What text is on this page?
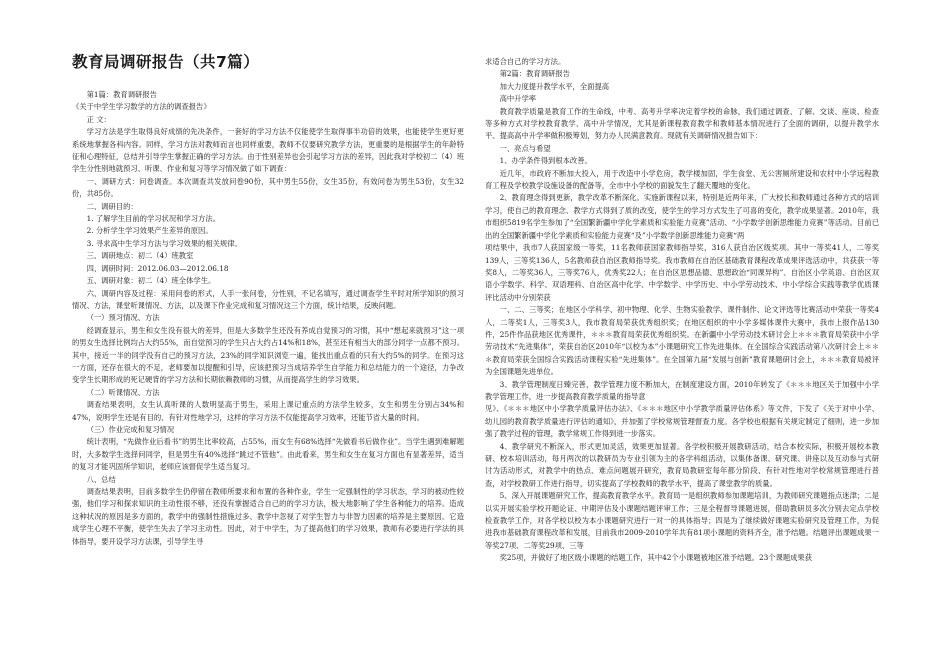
教育局调研报告（共7篇）

第1篇：教育调研报告

《关于中学生学习数学的方法的调查报告》

正 文：

学习方法是学生取得良好成绩的先决条件，一套好的学习方法不仅能使学生取得事半功倍的效果，也能使学生更好更系统地掌握各科内容。同样，学习方法对教师而言也同样重要，教师不仅要研究教学方法，更重要的是根据学生的年龄特征和心理特征，总结并引导学生掌握正确的学习方法。由于性别差异也会引起学习方法的差异，因此我对学校初二（4）班学生分性别地就预习、听课、作业和复习等学习情况做了如下调查：

一、调研方式：问卷调查。本次调查共发放问卷90份，其中男生55份，女生35份，有效问卷为男生53份，女生32份，共85份。

二、调研目的：

1. 了解学生目前的学习状况和学习方法。

2. 分析学生学习效果产生差异的原因。

3. 寻求高中生学习方法与学习效果的相关规律。

三、调研地点：初二（4）班教室

四、调研时间：2012.06.03—2012.06.18

五、调研对象：初二（4）班全体学生。

六、调研内容及过程：采用问卷的形式，人手一张问卷，分性别，不记名填写，通过调查学生平时对所学知识的预习情况、方法，课堂听课情况、方法，以及课下作业完成和复习情况这三个方面，统计结果，反映问题。

（一）预习情况、方法

经调查显示，男生和女生没有很大的差异，但是大多数学生还没有养成自觉预习的习惯，其中“想起来就预习”这一项的男女生选择比例均占大约55%，而自觉预习的学生只占大约占14%和18%，甚至还有相当大的部分同学一点都不预习。其中，接近一半的同学没有自己的预习方法，23%的同学知识浏览一遍，能找出重点看的只有大约5%的同学。在预习这一方面，还存在很大的不足，老师要加以提醒和引导，应该把预习当成培养学生自学能力和总结能力的一个途径，力争改变学生长期形成的死记硬背的学习方法和长期依赖教师的习惯，从而提高学生的学习效果。

（二）听课情况、方法

调查结果表明，女生认真听课的人数明显高于男生，采用上课记重点的方法学生较多，女生和男生分别占34%和47%，说明学生还是有目的、有针对性地学习，这样的学习方法不仅能提高学习效率，还能节省大量的时间。

（三）作业完成和复习情况

统计表明，“先做作业后看书”的男生比率较高，占55%，而女生有68%选择“先做看书后做作业”。当学生遇到难解题时，大多数学生选择问同学，但是男生有40%选择“跳过不管他”。由此看来，男生和女生在复习方面也有显著差异，适当的复习才能巩固所学知识，老师应该督促学生适当复习。

八、总结

调查结果表明，目前多数学生仍停留在教师所要求和布置的各种作业，学生一定强制性的学习状态，学习的被动性较强，他们学习和探求知识的主动性很不够，还没有掌握适合自己的的学习方法，极大地影响了学生各种能力的培养。造成这种状况的原因是多方面的，教学中的强制性措施过多、教学中忽视了对学生智力与非智力因素的培养是主要原因。它造成学生心理不平衡，使学生失去了学习主动性。因此，对于中学生，为了提高他们的学习效果，教师有必要进行学法的具体指导，要开设学习方法课，引导学生寻

求适合自己的学习方法。

第2篇：教育调研报告

加大力度提升教学水平，全面提高

高中升学率

教育教学质量是教育工作的生命线，中考、高考升学率决定着学校的命脉，我们通过调查、了解、交谈、座谈、检查等多种方式对学校教育教学、高中升学情况，尤其是新课程教育教学和教师基本情况进行了全面的调研，以提升教学水平、提高高中升学率做积极筹划，努力办人民满意教育。现就有关调研情况报告如下：

一、亮点与希望

1、办学条件得到根本改善。

近几年，市政府不断加大投入，用于改造中小学危房，教学楼加固，学生食堂、无公害厕所建设和农村中小学远程教育工程及学校教学设施设备的配备等，全市中小学校的面貌发生了翻天覆地的变化。

2、教育理念得到更新，教学改革不断深化。实施新课程以来，特别是近两年来，广大校长和教师通过各种方式的培训学习，使自己的教育理念、教学方式得到了质的改变，使学生的学习方式发生了可喜的变化，教学成果显著。2010年，我市组织5819名学生参加了“全国繁新疆中学化学素质和实验能力竞赛”活动、“小学数学创新思维能力竞赛”等活动。目前已出的全国繁新疆中学化学素质和实验能力竞赛“及”小学数学创新思维能力竞赛“两

项结果中，我市7人获国家级一等奖，11名教师获国家教师指导奖，316人获自治区级奖项。其中一等奖41人，二等奖139人，三等奖136人，5名教师获自治区教师指导奖。我市教师在自治区基础教育课程改革成果评选活动中，共获获一等奖8人，二等奖36人，三等奖76人，优秀奖22人；在自治区思想品德、思想政治“同课异构”、自治区小学英语、自治区双语小学数学、科学、双语理科、自治区高中化学、中学数学、中学历史、中小学劳动技术、中小学综合实践等教学优质课评比活动中分别荣获

一、二、三等奖；在地区小学科学、初中物理、化学、生物实验教学、课件制作、论文评选等比赛活动中荣获一等奖4人，二等奖1人，三等奖3人，我市教育局荣获优秀组织奖；在地区组织的中小学多媒体课件大赛中，我市上报作品130件，25件作品获地区优秀课件，＊＊＊教育局荣获优秀组织奖。在新疆中小学劳动技术研讨会上＊＊＊教育局荣获中小学劳动技术“先进集体”，荣获自治区2010年“以校为本”小课题研究工作先进集体。在全国综合实践活动第八次研讨会上＊＊＊教育局荣获全国综合实践活动课程实验“先进集体”。在全国第九届“发展与创新”教育课题研讨会上，＊＊＊教育局被评为全国课题先进单位。

3、教学管理制度日臻完善，教学管理力度不断加大，在制度建设方面，2010年转发了《＊＊＊地区关于加强中小学教学管理工作，进一步提高教育教学质量的指导意

见》、《＊＊＊地区中小学教学质量评估办法》、《＊＊＊地区中小学教学质量评估体系》等文件，下发了《关于对中小学、幼儿园的教育教学质量进行评估的通知》，并加强了学校常规管理督查力度。各学校也根据有关规定制定了细则，进一步加强了教学过程的管理，教学常规工作得到进一步落实。

4、教学研究不断深入，形式更加灵活，效果更加显著。各学校积极开展教研活动，结合本校实际，积极开展校本教研、校本培训活动，每月两次的以教研员为专业引领为主的各学科组活动，以集体备课、研究课、讲座以及互动参与式研讨为活动形式，对教学中的热点、难点问题展开研究，教育局教研室每年都分阶段、有针对性地对学校常规管理进行普查，对学校教研工作进行指导，切实提高了学校教师的教学水平，提高了课堂教学的质量。

5、深入开展课题研究工作，提高教育教学水平。教育局一是组织教师参加课题培训，为教师研究课题指点迷津；二是以实开展实验学校开题论证、中期评估及小课题结题评审工作；三是全程督导课题进展，借助教研员多次分别去定点学校检查教学工作，对各学校以校为本小课题研究进行一对一的具体指导；四是为了继续做好课题实验研究及管理工作，为促进我市基础教育课程改革和发展，目前我市2009-2010学年共有81项小课题的资料齐全，准予结题。结题评出课题成果一等奖27项、二等奖29项、三等

奖25项，并做好了地区级小课题的结题工作，其中42个小课题被地区准予结题。23个课题成果获
